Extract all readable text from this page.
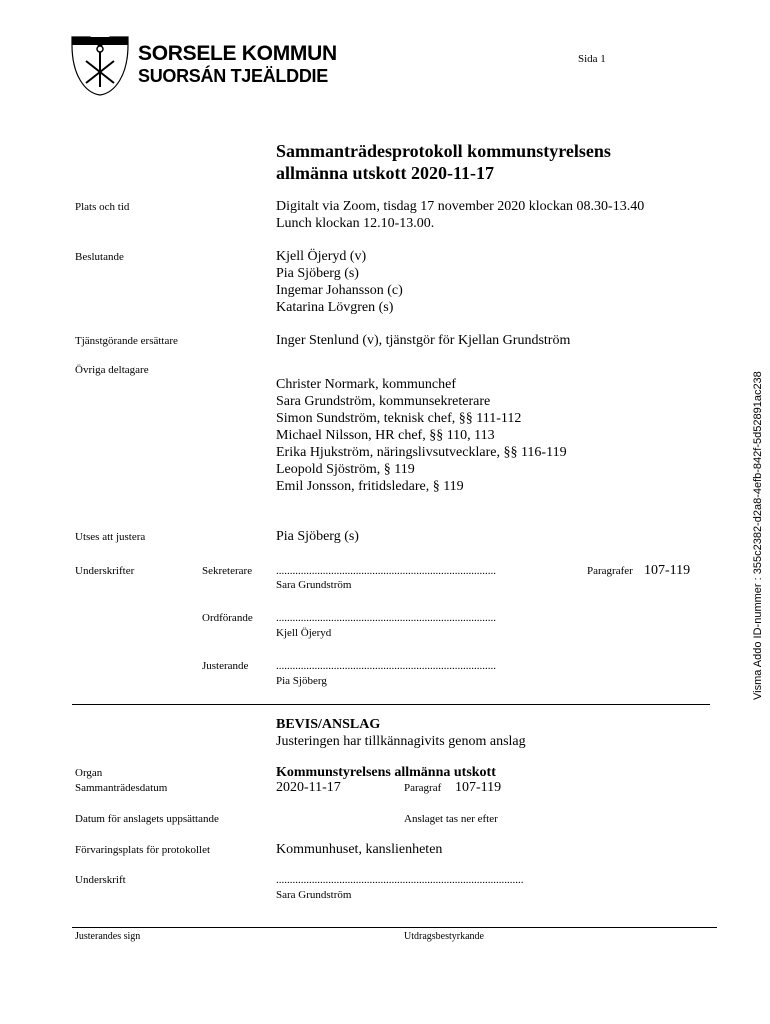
SORSELE KOMMUN
SUORSÁN TJEÄLDDIE
Sida 1
Sammanträdesprotokoll kommunstyrelsens
allmänna utskott 2020-11-17
Plats och tid	Digitalt via Zoom, tisdag 17 november 2020 klockan 08.30-13.40
Lunch klockan 12.10-13.00.
Beslutande	Kjell Öjeryd (v)
Pia Sjöberg (s)
Ingemar Johansson (c)
Katarina Lövgren (s)
Tjänstgörande ersättare	Inger Stenlund (v), tjänstgör för Kjellan Grundström
Övriga deltagare
Christer Normark, kommunchef
Sara Grundström, kommunsekreterare
Simon Sundström, teknisk chef, §§ 111-112
Michael Nilsson, HR chef, §§ 110, 113
Erika Hjukström, näringslivsutvecklare, §§ 116-119
Leopold Sjöström, § 119
Emil Jonsson, fritidsledare, § 119
Utses att justera	Pia Sjöberg (s)
Underskrifter	Sekreterare ................................................................................	Paragrafer 107-119
Sara Grundström
Ordförande ................................................................................
Kjell Öjeryd
Justerande	................................................................................
Pia Sjöberg
BEVIS/ANSLAG
Justeringen har tillkännagivits genom anslag
Organ	Kommunstyrelsens allmänna utskott
Sammanträdesdatum	2020-11-17	Paragraf 107-119
Datum för anslagets uppsättande	Anslaget tas ner efter
Förvaringsplats för protokollet	Kommunhuset, kanslienheten
Underskrift	..........................................................................................
Sara Grundström
Justerandes sign	Utdragsbestyrkande
Visma Addo ID-nummer : 355c2382-d2a8-4efb-842f-5d52891ac238
